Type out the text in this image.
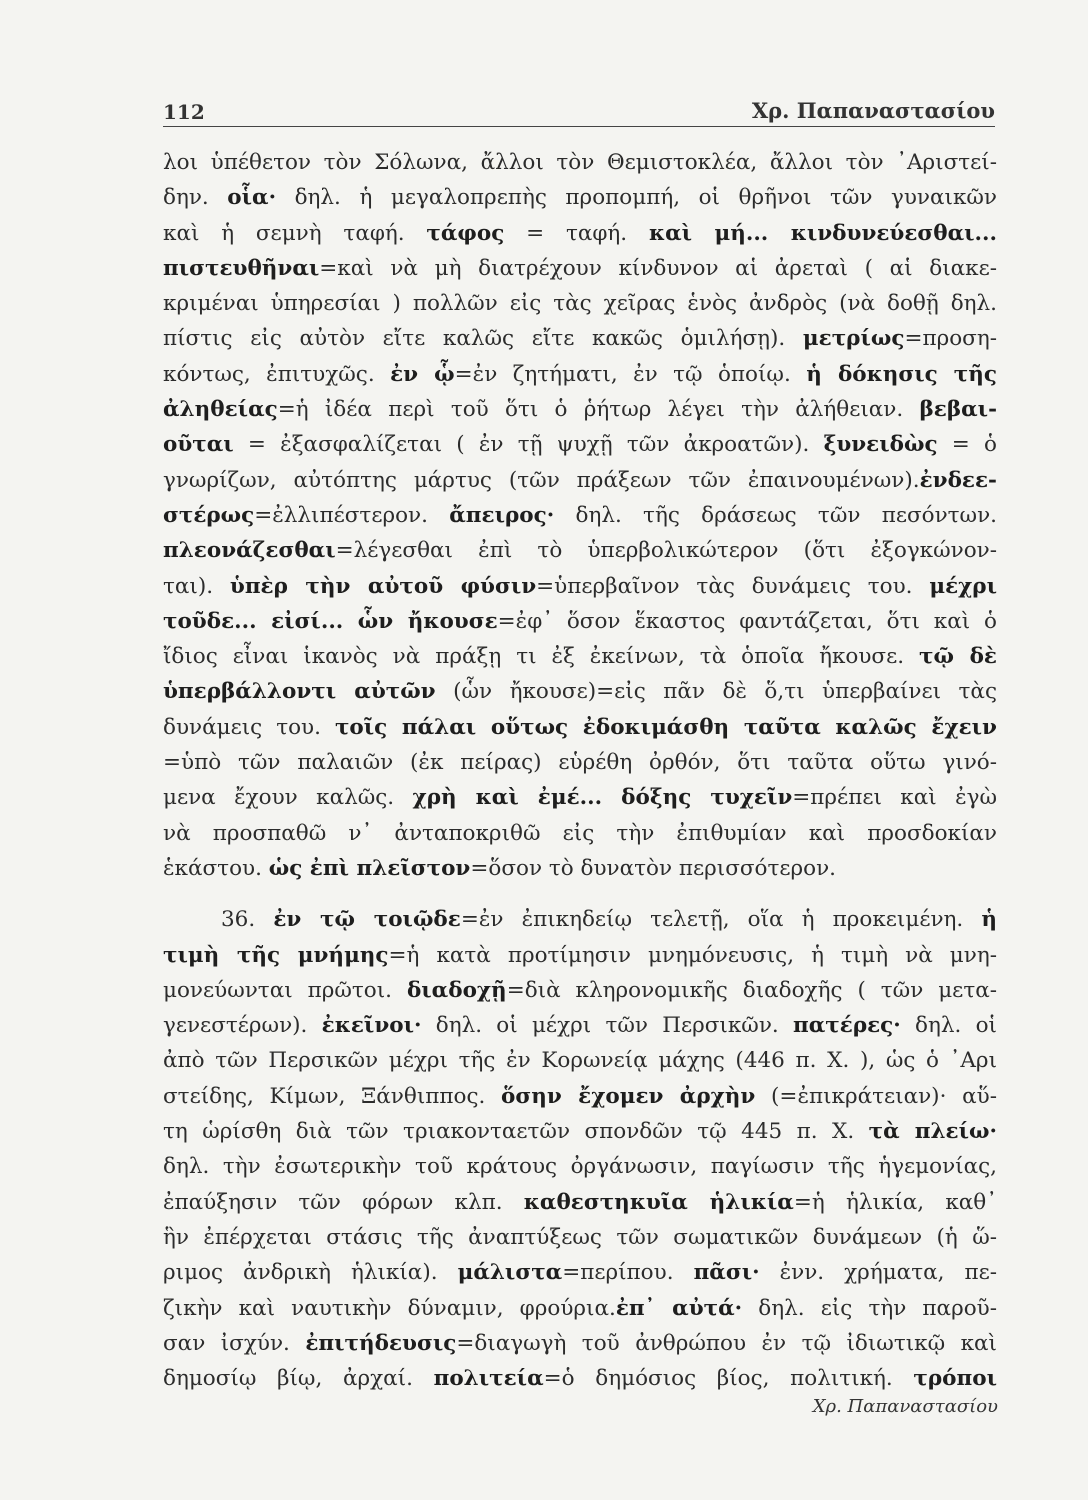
112	Χρ. Παπαναστασίου
λοι ὑπέθετον τὸν Σόλωνα, ἄλλοι τὸν Θεμιστοκλέα, ἄλλοι τὸν ᾿Αριστεί-
δην. οἷα· δηλ. ἡ μεγαλοπρεπὴς προπομπή, οἱ θρῆνοι τῶν γυναικῶν
καὶ ἡ σεμνὴ ταφή. τάφος = ταφή. καὶ μή... κινδυνεύεσθαι...
πιστευθῆναι=καὶ νὰ μὴ διατρέχουν κίνδυνον αἱ ἀρεταὶ ( αἱ διακε-
κριμέναι ὑπηρεσίαι ) πολλῶν εἰς τὰς χεῖρας ἑνὸς ἀνδρὸς (νὰ δοθῇ δηλ.
πίστις εἰς αὐτὸν εἴτε καλῶς εἴτε κακῶς ὁμιλήσῃ). μετρίως=προση-
κόντως, ἐπιτυχῶς. ἐν ᾧ=ἐν ζητήματι, ἐν τῷ ὁποίῳ. ἡ δόκησις τῆς
ἀληθείας=ἡ ἰδέα περὶ τοῦ ὅτι ὁ ῥήτωρ λέγει τὴν ἀλήθειαν. βεβαι-
οῦται = ἐξασφαλίζεται ( ἐν τῇ ψυχῇ τῶν ἀκροατῶν). ξυνειδὼς = ὁ
γνωρίζων, αὐτόπτης μάρτυς (τῶν πράξεων τῶν ἐπαινουμένων).ἐνδεε-
στέρως=ἐλλιπέστερον. ἄπειρος· δηλ. τῆς δράσεως τῶν πεσόντων.
πλεονάζεσθαι=λέγεσθαι ἐπὶ τὸ ὑπερβολικώτερον (ὅτι ἐξογκώνον-
ται). ὑπὲρ τὴν αὐτοῦ φύσιν=ὑπερβαῖνον τὰς δυνάμεις του. μέχρι
τοῦδε... εἰσί... ὧν ἤκουσε=ἐφ᾿ ὅσον ἕκαστος φαντάζεται, ὅτι καὶ ὁ
ἴδιος εἶναι ἱκανὸς νὰ πράξῃ τι ἐξ ἐκείνων, τὰ ὁποῖα ἤκουσε. τῷ δὲ
ὑπερβάλλοντι αὐτῶν (ὧν ἤκουσε)=εἰς πᾶν δὲ ὅ,τι ὑπερβαίνει τὰς
δυνάμεις του. τοῖς πάλαι οὕτως ἐδοκιμάσθη ταῦτα καλῶς ἔχειν
=ὑπὸ τῶν παλαιῶν (ἐκ πείρας) εὑρέθη ὀρθόν, ὅτι ταῦτα οὕτω γινό-
μενα ἔχουν καλῶς. χρὴ καὶ ἐμέ... δόξης τυχεῖν=πρέπει καὶ ἐγὼ
νὰ προσπαθῶ ν᾿ ἀνταποκριθῶ εἰς τὴν ἐπιθυμίαν καὶ προσδοκίαν
ἑκάστου. ὡς ἐπὶ πλεῖστον=ὅσον τὸ δυνατὸν περισσότερον.
36. ἐν τῷ τοιῷδε=ἐν ἐπικηδείῳ τελετῇ, οἵα ἡ προκειμένη. ἡ
τιμὴ τῆς μνήμης=ἡ κατὰ προτίμησιν μνημόνευσις, ἡ τιμὴ νὰ μνη-
μονεύωνται πρῶτοι. διαδοχῇ=διὰ κληρονομικῆς διαδοχῆς ( τῶν μετα-
γενεστέρων). ἐκεῖνοι· δηλ. οἱ μέχρι τῶν Περσικῶν. πατέρες· δηλ. οἱ
ἀπὸ τῶν Περσικῶν μέχρι τῆς ἐν Κορωνείᾳ μάχης (446 π. Χ. ), ὡς ὁ ᾿Αρι
στείδης, Κίμων, Ξάνθιππος. ὅσην ἔχομεν ἀρχὴν (=ἐπικράτειαν)· αὕ-
τη ὡρίσθη διὰ τῶν τριακονταετῶν σπονδῶν τῷ 445 π. Χ. τὰ πλείω·
δηλ. τὴν ἐσωτερικὴν τοῦ κράτους ὀργάνωσιν, παγίωσιν τῆς ἡγεμονίας,
ἐπαύξησιν τῶν φόρων κλπ. καθεστηκυῖα ἡλικία=ἡ ἡλικία, καθ᾿
ἣν ἐπέρχεται στάσις τῆς ἀναπτύξεως τῶν σωματικῶν δυνάμεων (ἡ ὥ-
ριμος ἀνδρικὴ ἡλικία). μάλιστα=περίπου. πᾶσι· ἐνν. χρήματα, πε-
ζικὴν καὶ ναυτικὴν δύναμιν, φρούρια.ἐπ᾿ αὐτά· δηλ. εἰς τὴν παροῦ-
σαν ἰσχύν. ἐπιτήδευσις=διαγωγὴ τοῦ ἀνθρώπου ἐν τῷ ἰδιωτικῷ καὶ
δημοσίῳ βίῳ, ἀρχαί. πολιτεία=ὁ δημόσιος βίος, πολιτική. τρόποι
Χρ. Παπαναστασίου
